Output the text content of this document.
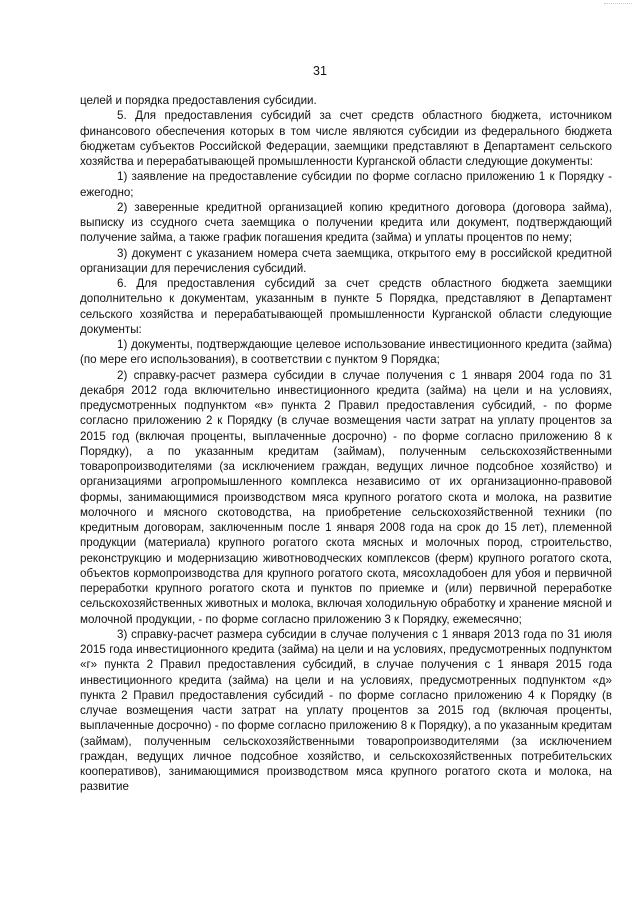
31

целей и порядка предоставления субсидии.

5. Для предоставления субсидий за счет средств областного бюджета, источником финансового обеспечения которых в том числе являются субсидии из федерального бюджета бюджетам субъектов Российской Федерации, заемщики представляют в Департамент сельского хозяйства и перерабатывающей промышленности Курганской области следующие документы:

1) заявление на предоставление субсидии по форме согласно приложению 1 к Порядку - ежегодно;

2) заверенные кредитной организацией копию кредитного договора (договора займа), выписку из ссудного счета заемщика о получении кредита или документ, подтверждающий получение займа, а также график погашения кредита (займа) и уплаты процентов по нему;

3) документ с указанием номера счета заемщика, открытого ему в российской кредитной организации для перечисления субсидий.

6. Для предоставления субсидий за счет средств областного бюджета заемщики дополнительно к документам, указанным в пункте 5 Порядка, представляют в Департамент сельского хозяйства и перерабатывающей промышленности Курганской области следующие документы:

1) документы, подтверждающие целевое использование инвестиционного кредита (займа) (по мере его использования), в соответствии с пунктом 9 Порядка;

2) справку-расчет размера субсидии в случае получения с 1 января 2004 года по 31 декабря 2012 года включительно инвестиционного кредита (займа) на цели и на условиях, предусмотренных подпунктом «в» пункта 2 Правил предоставления субсидий, - по форме согласно приложению 2 к Порядку (в случае возмещения части затрат на уплату процентов за 2015 год (включая проценты, выплаченные досрочно) - по форме согласно приложению 8 к Порядку), а по указанным кредитам (займам), полученным сельскохозяйственными товаропроизводителями (за исключением граждан, ведущих личное подсобное хозяйство) и организациями агропромышленного комплекса независимо от их организационно-правовой формы, занимающимися производством мяса крупного рогатого скота и молока, на развитие молочного и мясного скотоводства, на приобретение сельскохозяйственной техники (по кредитным договорам, заключенным после 1 января 2008 года на срок до 15 лет), племенной продукции (материала) крупного рогатого скота мясных и молочных пород, строительство, реконструкцию и модернизацию животноводческих комплексов (ферм) крупного рогатого скота, объектов кормопроизводства для крупного рогатого скота, мясохладобоен для убоя и первичной переработки крупного рогатого скота и пунктов по приемке и (или) первичной переработке сельскохозяйственных животных и молока, включая холодильную обработку и хранение мясной и молочной продукции, - по форме согласно приложению 3 к Порядку, ежемесячно;

3) справку-расчет размера субсидии в случае получения с 1 января 2013 года по 31 июля 2015 года инвестиционного кредита (займа) на цели и на условиях, предусмотренных подпунктом «г» пункта 2 Правил предоставления субсидий, в случае получения с 1 января 2015 года инвестиционного кредита (займа) на цели и на условиях, предусмотренных подпунктом «д» пункта 2 Правил предоставления субсидий - по форме согласно приложению 4 к Порядку (в случае возмещения части затрат на уплату процентов за 2015 год (включая проценты, выплаченные досрочно) - по форме согласно приложению 8 к Порядку), а по указанным кредитам (займам), полученным сельскохозяйственными товаропроизводителями (за исключением граждан, ведущих личное подсобное хозяйство, и сельскохозяйственных потребительских кооперативов), занимающимися производством мяса крупного рогатого скота и молока, на развитие
